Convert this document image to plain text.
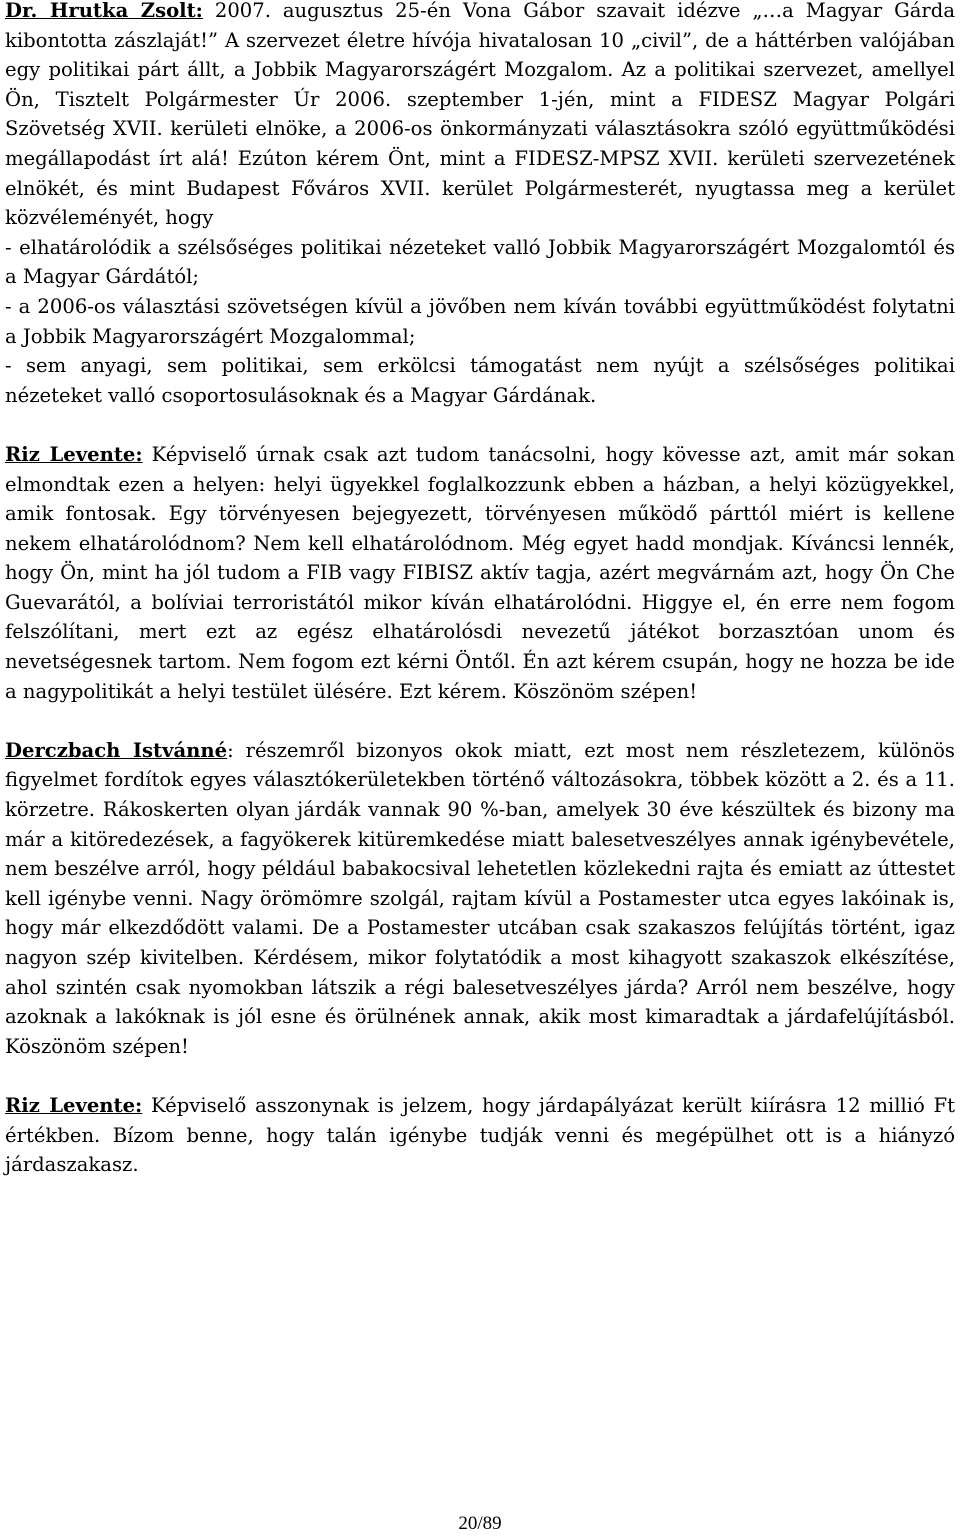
Dr. Hrutka Zsolt: 2007. augusztus 25-én Vona Gábor szavait idézve „…a Magyar Gárda kibontotta zászlaját!” A szervezet életre hívója hivatalosan 10 „civil”, de a háttérben valójában egy politikai párt állt, a Jobbik Magyarországért Mozgalom. Az a politikai szervezet, amellyel Ön, Tisztelt Polgármester Úr 2006. szeptember 1-jén, mint a FIDESZ Magyar Polgári Szövetség XVII. kerületi elnöke, a 2006-os önkormányzati választásokra szóló együttműködési megállapodást írt alá! Ezúton kérem Önt, mint a FIDESZ-MPSZ XVII. kerületi szervezetének elnökét, és mint Budapest Főváros XVII. kerület Polgármesterét, nyugtassa meg a kerület közvéleményét, hogy
- elhatárolódik a szélsőséges politikai nézeteket valló Jobbik Magyarországért Mozgalomtól és a Magyar Gárdától;
- a 2006-os választási szövetségen kívül a jövőben nem kíván további együttműködést folytatni a Jobbik Magyarországért Mozgalommal;
- sem anyagi, sem politikai, sem erkölcsi támogatást nem nyújt a szélsőséges politikai nézeteket valló csoportosulásoknak és a Magyar Gárdának.

Riz Levente: Képviselő úrnak csak azt tudom tanácsolni, hogy kövesse azt, amit már sokan elmondtak ezen a helyen: helyi ügyekkel foglalkozzunk ebben a házban, a helyi közügyekkel, amik fontosak. Egy törvényesen bejegyezett, törvényesen működő párttól miért is kellene nekem elhatárolódnom? Nem kell elhatárolódnom. Még egyet hadd mondjak. Kíváncsi lennék, hogy Ön, mint ha jól tudom a FIB vagy FIBISZ aktív tagja, azért megvárnám azt, hogy Ön Che Guevarától, a bolíviai terroristától mikor kíván elhatárolódni. Higgye el, én erre nem fogom felszólítani, mert ezt az egész elhatárolósdi nevezetű játékot borzasztóan unom és nevetségesnek tartom. Nem fogom ezt kérni Öntől. Én azt kérem csupán, hogy ne hozza be ide a nagypolitikát a helyi testület ülésére. Ezt kérem. Köszönöm szépen!

Derczbach Istvánné: részemről bizonyos okok miatt, ezt most nem részletezem, különös figyelmet fordítok egyes választókerületekben történő változásokra, többek között a 2. és a 11. körzetre. Rákoskerten olyan járdák vannak 90 %-ban, amelyek 30 éve készültek és bizony ma már a kitöredezések, a fagyökerek kitüremkedése miatt balesetveszélyes annak igénybevétele, nem beszélve arról, hogy például babakocsival lehetetlen közlekedni rajta és emiatt az úttestet kell igénybe venni. Nagy örömömre szolgál, rajtam kívül a Postamester utca egyes lakóinak is, hogy már elkezdődött valami. De a Postamester utcában csak szakaszos felújítás történt, igaz nagyon szép kivitelben. Kérdésem, mikor folytatódik a most kihagyott szakaszok elkészítése, ahol szintén csak nyomokban látszik a régi balesetveszélyes járda? Arról nem beszélve, hogy azoknak a lakóknak is jól esne és örülnének annak, akik most kimaradtak a járdafelújításból. Köszönöm szépen!

Riz Levente: Képviselő asszonynak is jelzem, hogy járdapályázat került kiírásra 12 millió Ft értékben. Bízom benne, hogy talán igénybe tudják venni és megépülhet ott is a hiányzó járdaszakasz.

20/89
